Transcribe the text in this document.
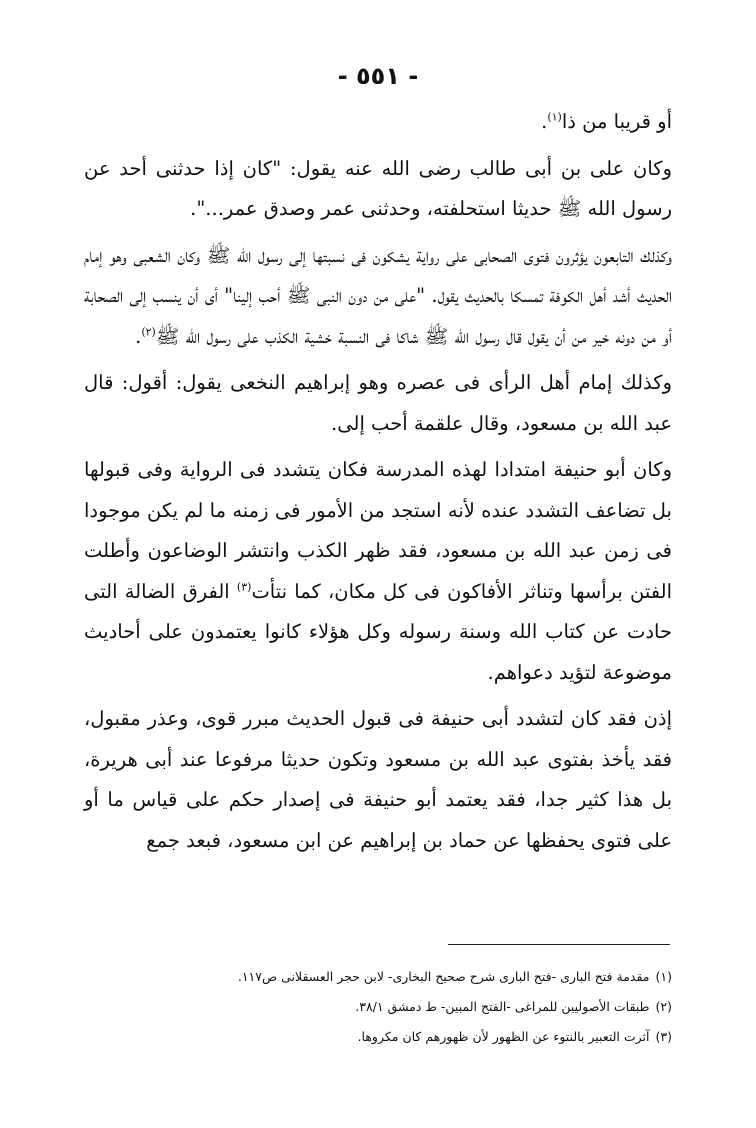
- ٥٥١ -
أو قريبا من ذا$^{(١)}$.
وكان على بن أبى طالب رضى الله عنه يقول: "كان إذا حدثنى أحد عن رسول الله ﷺ حديثا استحلفته، وحدثنى عمر وصدق عمر...".
وكذلك التابعون يؤثرون فتوى الصحابى على رواية يشكون فى نسبتها إلى رسول الله ﷺ وكان الشعبى وهو إمام الحديث أشد أهل الكوفة تمسكا بالحديث يقول. "على من دون النبى ﷺ أحب إلينا" أى أن ينسب إلى الصحابة أو من دونه خير من أن يقول قال رسول الله ﷺ شاكا فى النسبة خشية الكذب على رسول الله ﷺ$^{(٢)}$.
وكذلك إمام أهل الرأى فى عصره وهو إبراهيم النخعى يقول: أقول: قال عبد الله بن مسعود، وقال علقمة أحب إلى.
وكان أبو حنيفة امتدادا لهذه المدرسة فكان يتشدد فى الرواية وفى قبولها بل تضاعف التشدد عنده لأنه استجد من الأمور فى زمنه ما لم يكن موجودا فى زمن عبد الله بن مسعود، فقد ظهر الكذب وانتشر الوضاعون وأطلت الفتن برأسها وتناثر الأفاكون فى كل مكان، كما نتأت$^{(٣)}$ الفرق الضالة التى حادت عن كتاب الله وسنة رسوله وكل هؤلاء كانوا يعتمدون على أحاديث موضوعة لتؤيد دعواهم.
إذن فقد كان لتشدد أبى حنيفة فى قبول الحديث مبرر قوى، وعذر مقبول، فقد يأخذ بفتوى عبد الله بن مسعود وتكون حديثا مرفوعا عند أبى هريرة، بل هذا كثير جدا، فقد يعتمد أبو حنيفة فى إصدار حكم على قياس ما أو على فتوى يحفظها عن حماد بن إبراهيم عن ابن مسعود، فبعد جمع
(١)مقدمة فتح البارى -فتح البارى شرح صحيح البخارى- لابن حجر العسقلانى ص١١٧.
(٢)طبقات الأصوليين للمراغى -الفتح المبين- ط دمشق ٣٨/١.
(٣)آثرت التعبير بالنتوء عن الظهور لأن ظهورهم كان مكروها.
